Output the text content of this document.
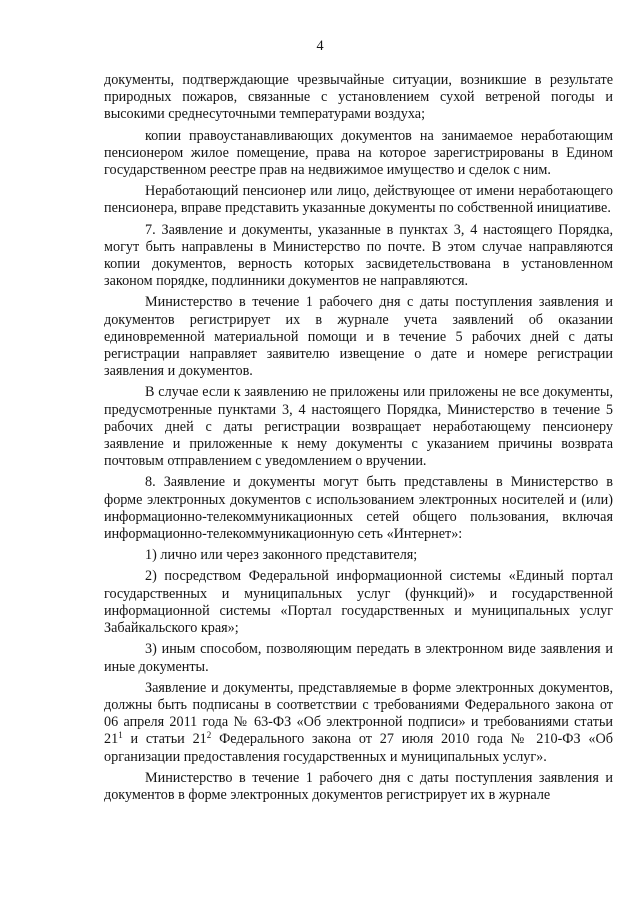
4

документы, подтверждающие чрезвычайные ситуации, возникшие в результате природных пожаров, связанные с установлением сухой ветреной погоды и высокими среднесуточными температурами воздуха;

копии правоустанавливающих документов на занимаемое неработающим пенсионером жилое помещение, права на которое зарегистрированы в Едином государственном реестре прав на недвижимое имущество и сделок с ним.

Неработающий пенсионер или лицо, действующее от имени неработающего пенсионера, вправе представить указанные документы по собственной инициативе.

7. Заявление и документы, указанные в пунктах 3, 4 настоящего Порядка, могут быть направлены в Министерство по почте. В этом случае направляются копии документов, верность которых засвидетельствована в установленном законом порядке, подлинники документов не направляются.

Министерство в течение 1 рабочего дня с даты поступления заявления и документов регистрирует их в журнале учета заявлений об оказании единовременной материальной помощи и в течение 5 рабочих дней с даты регистрации направляет заявителю извещение о дате и номере регистрации заявления и документов.

В случае если к заявлению не приложены или приложены не все документы, предусмотренные пунктами 3, 4 настоящего Порядка, Министерство в течение 5 рабочих дней с даты регистрации возвращает неработающему пенсионеру заявление и приложенные к нему документы с указанием причины возврата почтовым отправлением с уведомлением о вручении.

8. Заявление и документы могут быть представлены в Министерство в форме электронных документов с использованием электронных носителей и (или) информационно-телекоммуникационных сетей общего пользования, включая информационно-телекоммуникационную сеть «Интернет»:

1) лично или через законного представителя;

2) посредством Федеральной информационной системы «Единый портал государственных и муниципальных услуг (функций)» и государственной информационной системы «Портал государственных и муниципальных услуг Забайкальского края»;

3) иным способом, позволяющим передать в электронном виде заявления и иные документы.

Заявление и документы, представляемые в форме электронных документов, должны быть подписаны в соответствии с требованиями Федерального закона от 06 апреля 2011 года № 63-ФЗ «Об электронной подписи» и требованиями статьи $21^1$ и статьи $21^2$ Федерального закона от 27 июля 2010 года № 210-ФЗ «Об организации предоставления государственных и муниципальных услуг».

Министерство в течение 1 рабочего дня с даты поступления заявления и документов в форме электронных документов регистрирует их в журнале
